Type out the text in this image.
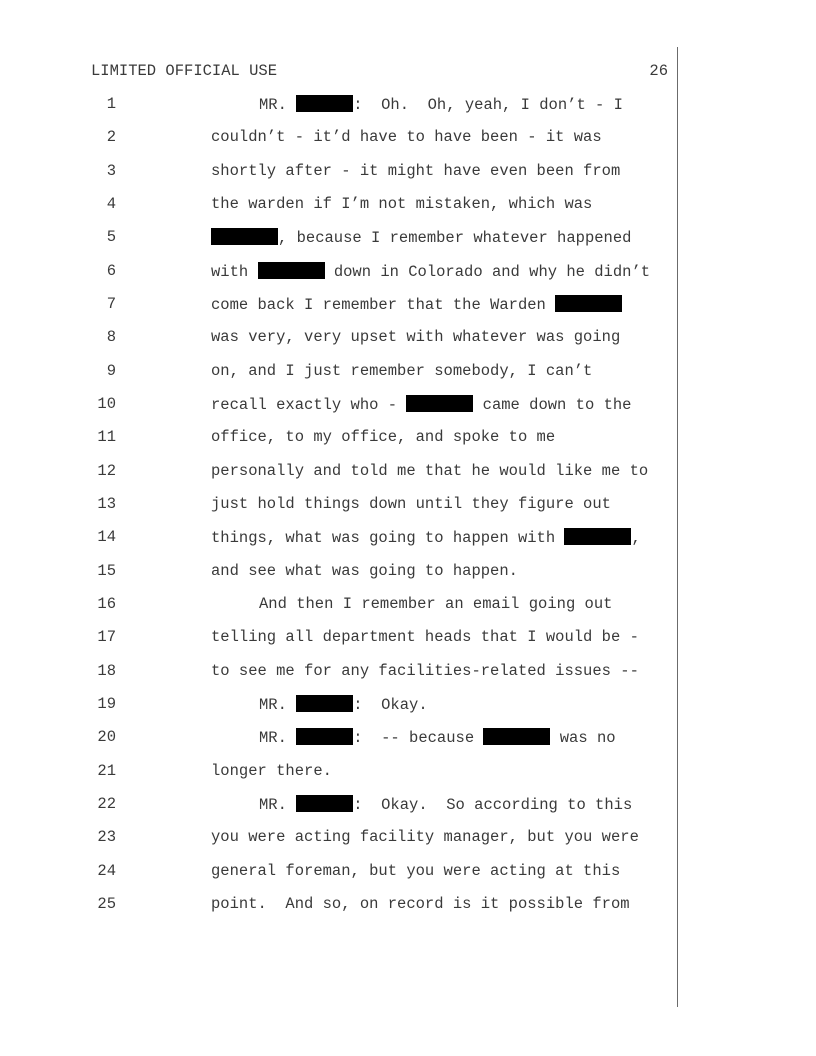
LIMITED OFFICIAL USE	26
1	MR.	:  Oh.  Oh, yeah, I don’t - I
2	couldn’t - it’d have to have been - it was
3	shortly after - it might have even been from
4	the warden if I’m not mistaken, which was
5	, because I remember whatever happened
6	with	down in Colorado and why he didn’t
7	come back I remember that the Warden
8	was very, very upset with whatever was going
9	on, and I just remember somebody, I can’t
10	recall exactly who -	came down to the
11	office, to my office, and spoke to me
12	personally and told me that he would like me to
13	just hold things down until they figure out
14	things, what was going to happen with	,
15	and see what was going to happen.
16	And then I remember an email going out
17	telling all department heads that I would be -
18	to see me for any facilities-related issues --
19	MR.	:  Okay.
20	MR.	:  -- because	was no
21	longer there.
22	MR.	:  Okay.  So according to this
23	you were acting facility manager, but you were
24	general foreman, but you were acting at this
25	point.  And so, on record is it possible from
